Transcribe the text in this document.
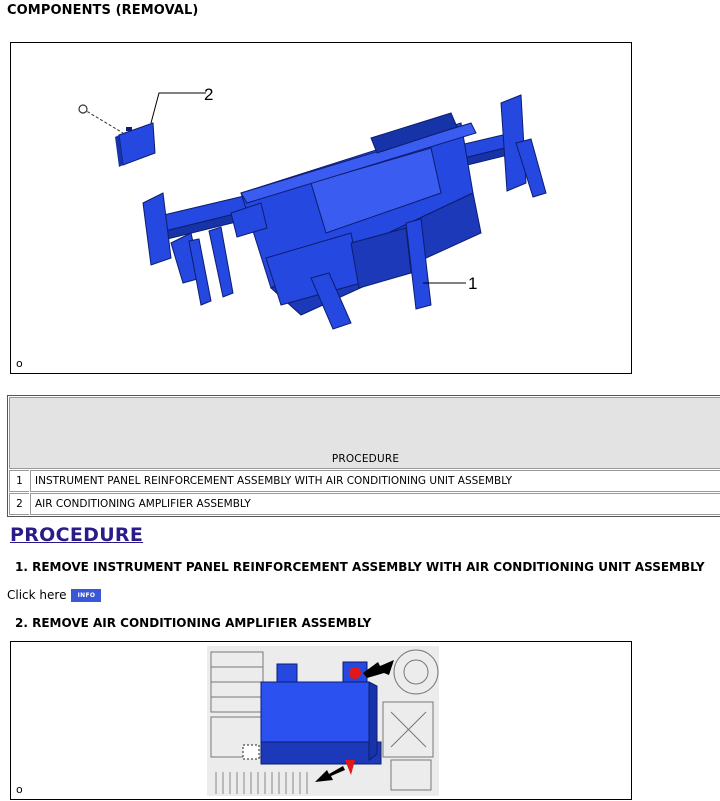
COMPONENTS (REMOVAL)
2
1
o
PROCEDURE
1	INSTRUMENT PANEL REINFORCEMENT ASSEMBLY WITH AIR CONDITIONING UNIT ASSEMBLY
2	AIR CONDITIONING AMPLIFIER ASSEMBLY
PROCEDURE

1. REMOVE INSTRUMENT PANEL REINFORCEMENT ASSEMBLY WITH AIR CONDITIONING UNIT ASSEMBLY

Click here	INFO

2. REMOVE AIR CONDITIONING AMPLIFIER ASSEMBLY

o
